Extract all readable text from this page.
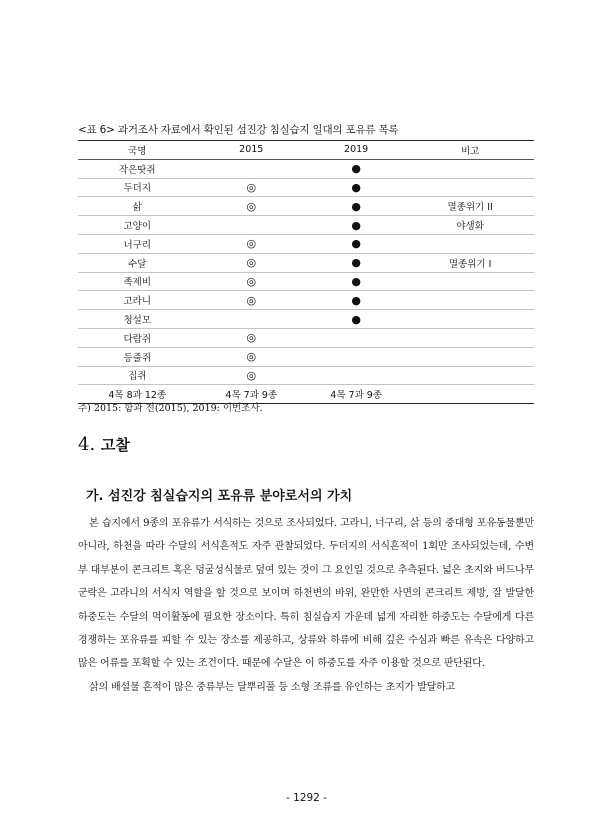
<표 6> 과거조사 자료에서 확인된 섬진강 침실습지 일대의 포유류 목록
국명	2015	2019	비고
작은땃쥐		●	
두더지	◎	●	
삵	◎	●	멸종위기 II
고양이		●	야생화
너구리	◎	●	
수달	◎	●	멸종위기 I
족제비	◎	●	
고라니	◎	●	
청설모		●	
다람쥐	◎		
등줄쥐	◎		
집쥐	◎		
4목 8과 12종	4목 7과 9종	4목 7과 9종	
주) 2015: 함과 전(2015), 2019: 이번조사.
4. 고찰
가. 섬진강 침실습지의 포유류 분야로서의 가치

본 습지에서 9종의 포유류가 서식하는 것으로 조사되었다. 고라니, 너구리, 삵 등의 중대형 포유동물뿐만 아니라, 하천을 따라 수달의 서식흔적도 자주 관찰되었다. 두더지의 서식흔적이 1회만 조사되었는데, 수변부 대부분이 콘크리트 혹은 덩굴성식물로 덮여 있는 것이 그 요인일 것으로 추측된다. 넓은 초지와 버드나무 군락은 고라니의 서식지 역할을 할 것으로 보이며 하천변의 바위, 완만한 사면의 콘크리트 제방, 잘 발달한 하중도는 수달의 먹이활동에 필요한 장소이다. 특히 침실습지 가운데 넓게 자리한 하중도는 수달에게 다른 경쟁하는 포유류를 피할 수 있는 장소를 제공하고, 상류와 하류에 비해 깊은 수심과 빠른 유속은 다양하고 많은 어류를 포획할 수 있는 조건이다. 때문에 수달은 이 하중도를 자주 이용할 것으로 판단된다.

삵의 배설물 흔적이 많은 중류부는 달뿌리풀 등 소형 조류를 유인하는 초지가 발달하고

- 1292 -
